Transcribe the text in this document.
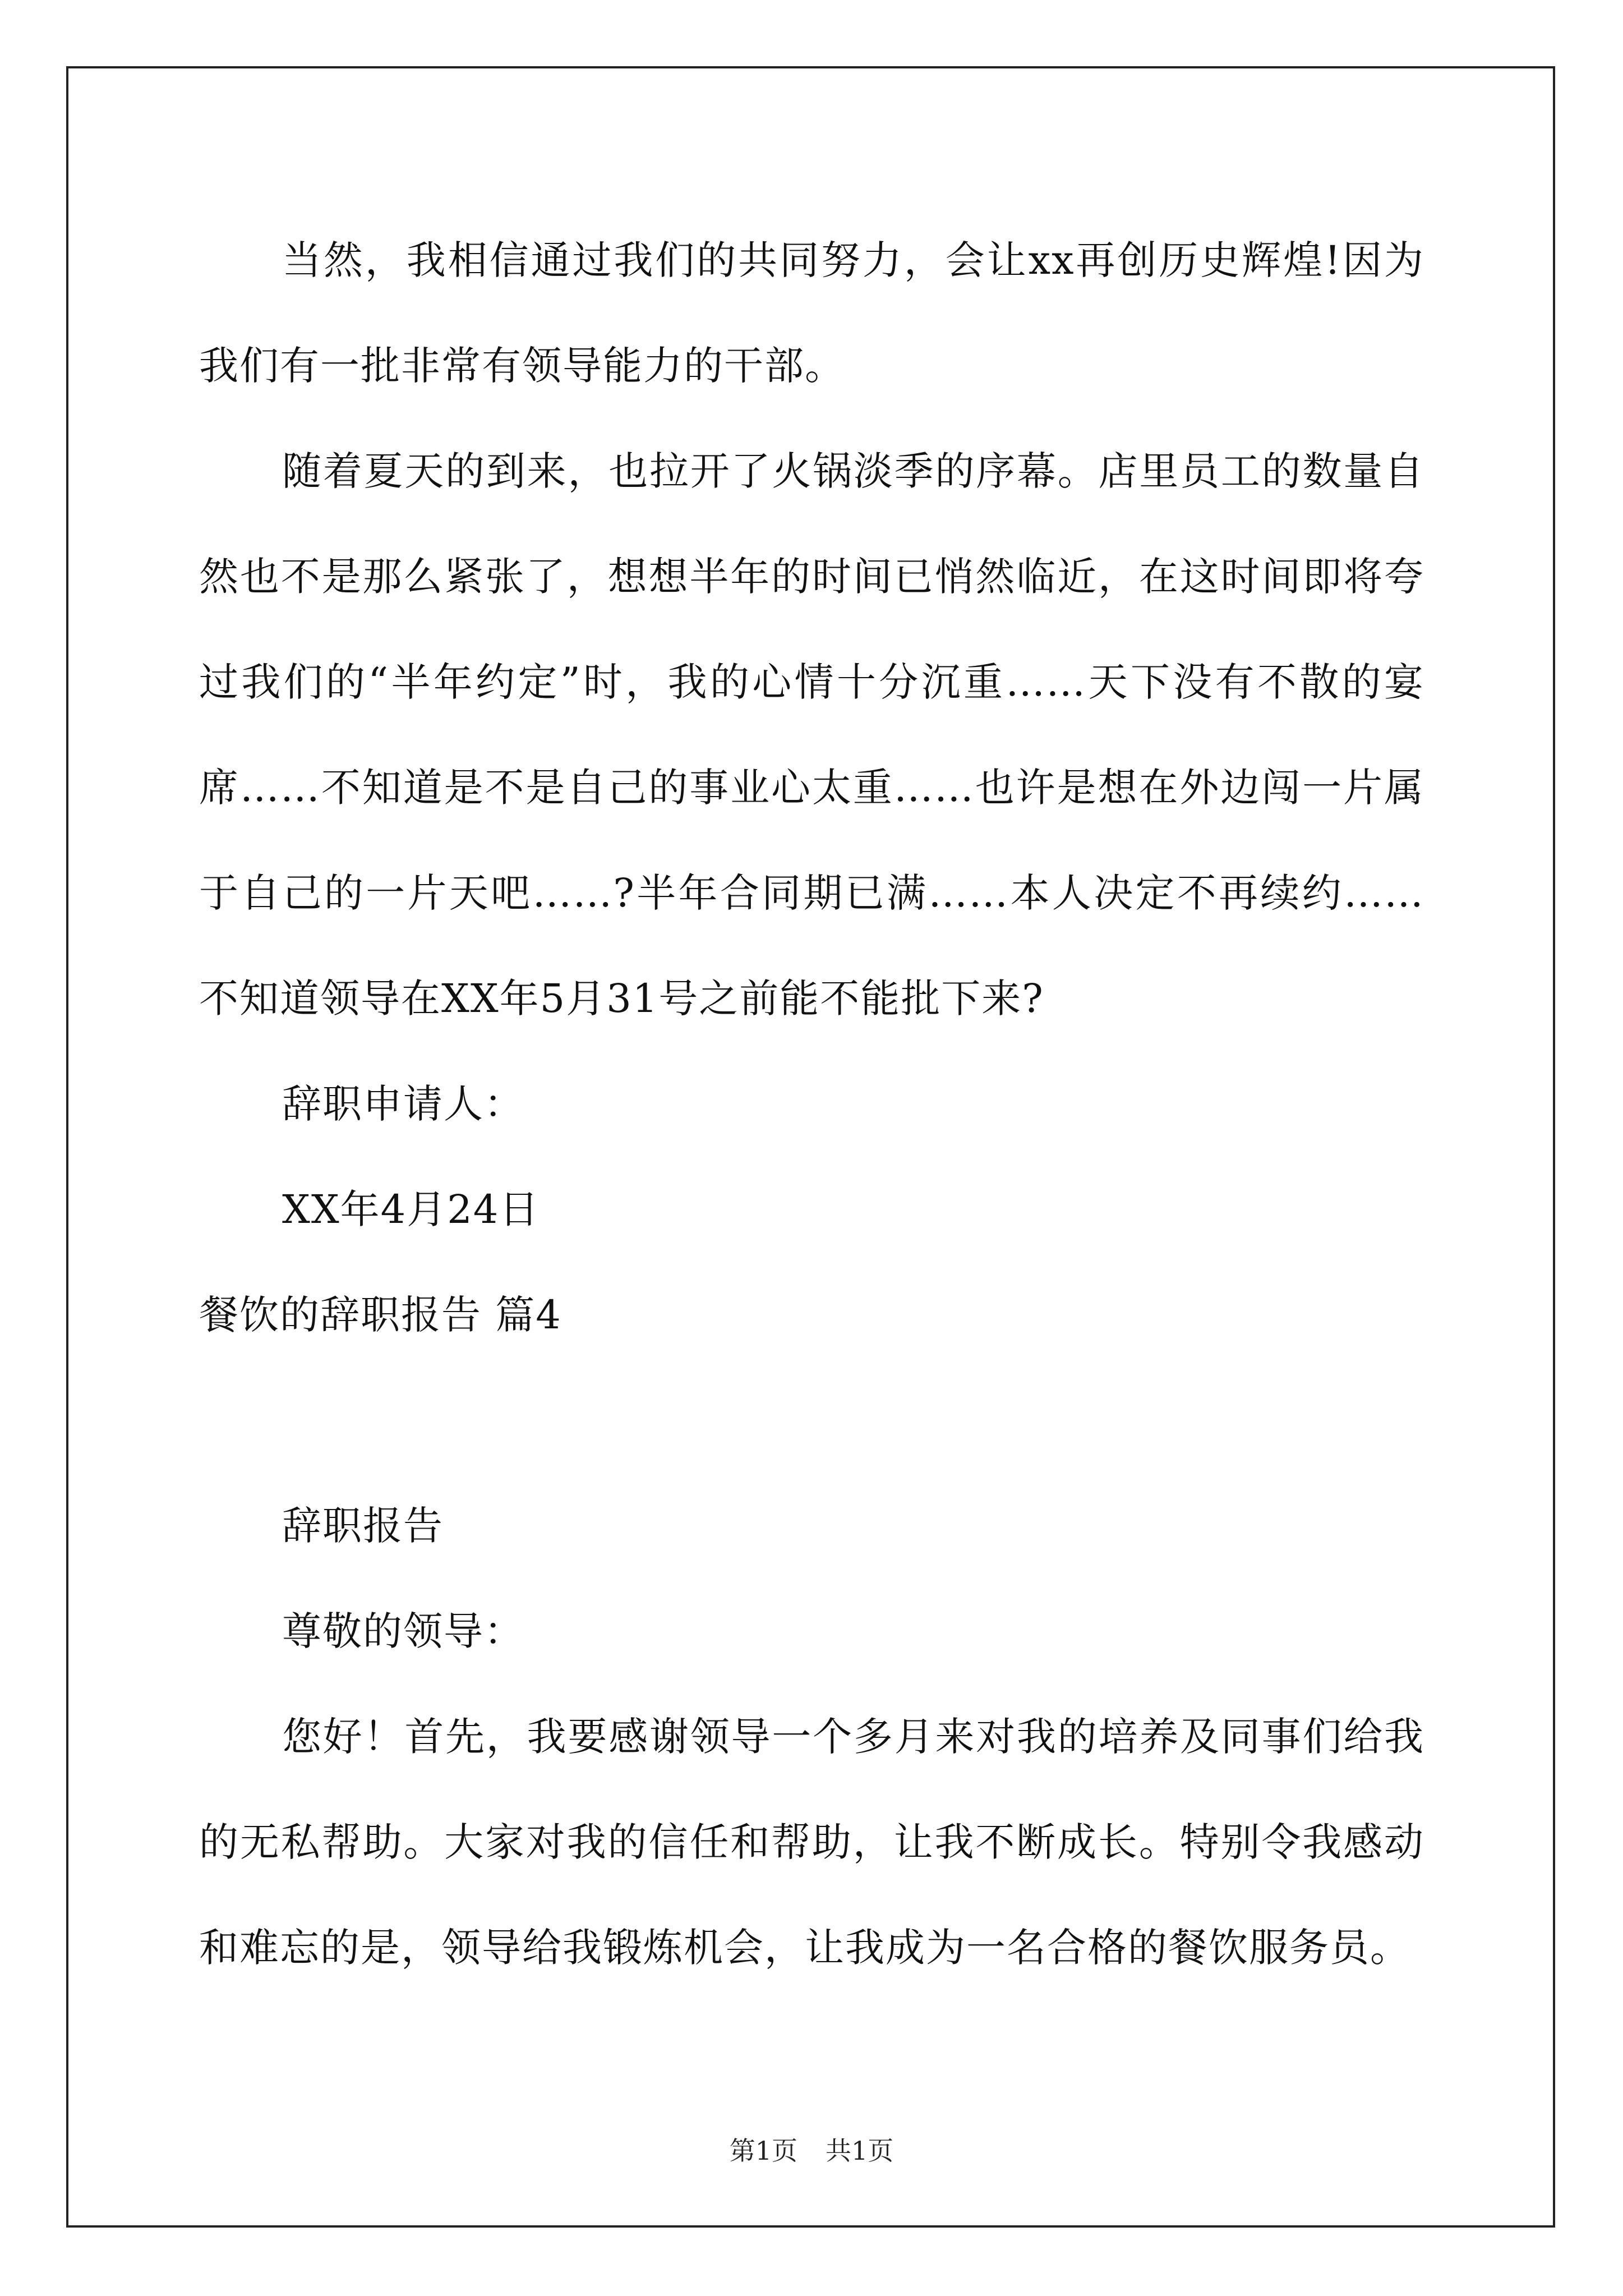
当然，我相信通过我们的共同努力，会让xx再创历史辉煌!因为我们有一批非常有领导能力的干部。

随着夏天的到来，也拉开了火锅淡季的序幕。店里员工的数量自然也不是那么紧张了，想想半年的时间已悄然临近，在这时间即将夸过我们的“半年约定”时，我的心情十分沉重……天下没有不散的宴席……不知道是不是自己的事业心太重……也许是想在外边闯一片属于自己的一片天吧……?半年合同期已满……本人决定不再续约……不知道领导在XX年5月31号之前能不能批下来?

辞职申请人：

XX年4月24日

餐饮的辞职报告 篇4

辞职报告

尊敬的领导：

您好！首先，我要感谢领导一个多月来对我的培养及同事们给我的无私帮助。大家对我的信任和帮助，让我不断成长。特别令我感动和难忘的是，领导给我锻炼机会，让我成为一名合格的餐饮服务员。

第1页 共1页
